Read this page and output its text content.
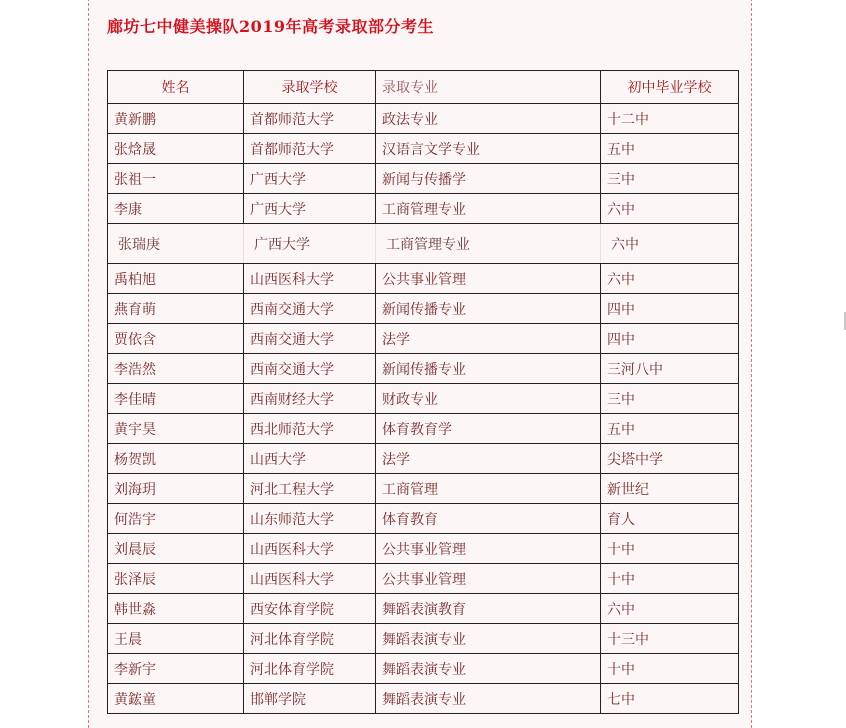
廊坊七中健美操队2019年高考录取部分考生
姓名	录取学校	录取专业	初中毕业学校
黄新鹏	首都师范大学	政法专业	十二中
张焓晟	首都师范大学	汉语言文学专业	五中
张祖一	广西大学	新闻与传播学	三中
李康	广西大学	工商管理专业	六中
张瑞庚	广西大学	工商管理专业	六中
禹柏旭	山西医科大学	公共事业管理	六中
燕育萌	西南交通大学	新闻传播专业	四中
贾依含	西南交通大学	法学	四中
李浩然	西南交通大学	新闻传播专业	三河八中
李佳晴	西南财经大学	财政专业	三中
黄宇昊	西北师范大学	体育教育学	五中
杨贺凯	山西大学	法学	尖塔中学
刘海玥	河北工程大学	工商管理	新世纪
何浩宇	山东师范大学	体育教育	育人
刘晨辰	山西医科大学	公共事业管理	十中
张泽辰	山西医科大学	公共事业管理	十中
韩世淼	西安体育学院	舞蹈表演教育	六中
王晨	河北体育学院	舞蹈表演专业	十三中
李新宇	河北体育学院	舞蹈表演专业	十中
黄鋐童	邯郸学院	舞蹈表演专业	七中
